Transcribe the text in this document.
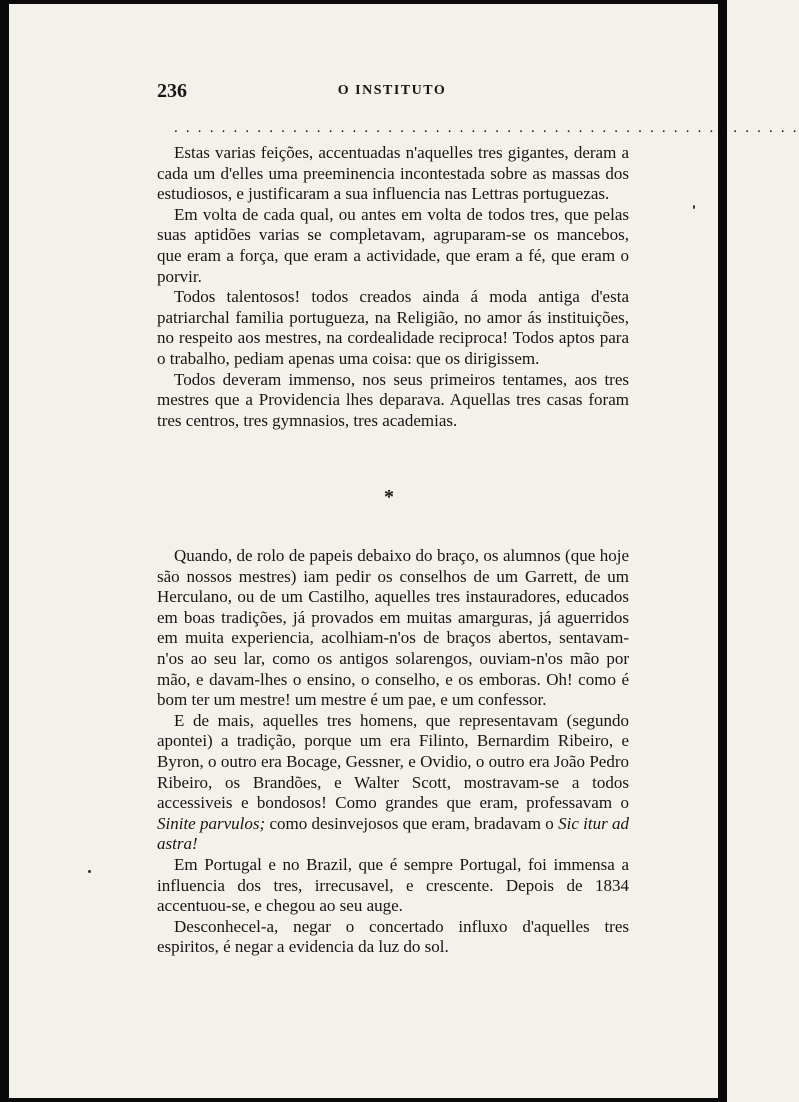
236	O INSTITUTO
. . . . . . . . . . . . . . . . . . . . . . . . . . . . . . . . . . . . . . . . . . . . . . . . . . . . .

Estas varias feições, accentuadas n'aquelles tres gigantes, deram a cada um d'elles uma preeminencia incontestada sobre as massas dos estudiosos, e justificaram a sua influencia nas Lettras portuguezas.

Em volta de cada qual, ou antes em volta de todos tres, que pelas suas aptidões varias se completavam, agruparam-se os mancebos, que eram a força, que eram a actividade, que eram a fé, que eram o porvir.

Todos talentosos! todos creados ainda á moda antiga d'esta patriarchal familia portugueza, na Religião, no amor ás instituições, no respeito aos mestres, na cordealidade reciproca! Todos aptos para o trabalho, pediam apenas uma coisa: que os dirigissem.

Todos deveram immenso, nos seus primeiros tentames, aos tres mestres que a Providencia lhes deparava. Aquellas tres casas foram tres centros, tres gymnasios, tres academias.

*

Quando, de rolo de papeis debaixo do braço, os alumnos (que hoje são nossos mestres) iam pedir os conselhos de um Garrett, de um Herculano, ou de um Castilho, aquelles tres instauradores, educados em boas tradições, já provados em muitas amarguras, já aguerridos em muita experiencia, acolhiam-n'os de braços abertos, sentavam-n'os ao seu lar, como os antigos solarengos, ouviam-n'os mão por mão, e davam-lhes o ensino, o conselho, e os emboras. Oh! como é bom ter um mestre! um mestre é um pae, e um confessor.

E de mais, aquelles tres homens, que representavam (segundo apontei) a tradição, porque um era Filinto, Bernardim Ribeiro, e Byron, o outro era Bocage, Gessner, e Ovidio, o outro era João Pedro Ribeiro, os Brandões, e Walter Scott, mostravam-se a todos accessiveis e bondosos! Como grandes que eram, professavam o Sinite parvulos; como desinvejosos que eram, bradavam o Sic itur ad astra!

Em Portugal e no Brazil, que é sempre Portugal, foi immensa a influencia dos tres, irrecusavel, e crescente. Depois de 1834 accentuou-se, e chegou ao seu auge.

Desconhecel-a, negar o concertado influxo d'aquelles tres espiritos, é negar a evidencia da luz do sol.
